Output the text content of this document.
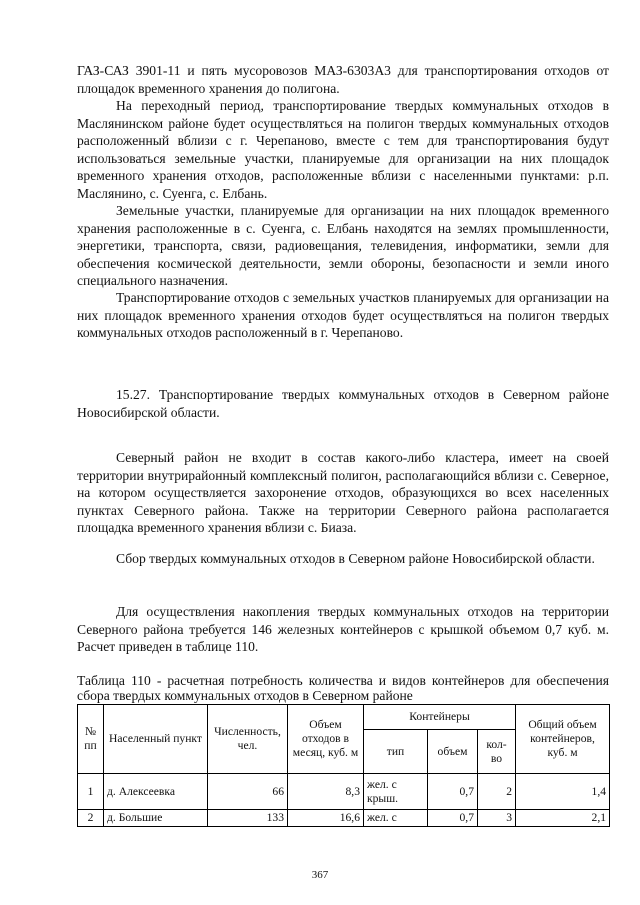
ГАЗ-САЗ 3901-11 и пять мусоровозов МАЗ-6303А3 для транспортирования отходов от площадок временного хранения до полигона.

На переходный период, транспортирование твердых коммунальных отходов в Маслянинском районе будет осуществляться на полигон твердых коммунальных отходов расположенный вблизи с г. Черепаново, вместе с тем для транспортирования будут использоваться земельные участки, планируемые для организации на них площадок временного хранения отходов, расположенные вблизи с населенными пунктами: р.п. Маслянино, с. Суенга, с. Елбань.

Земельные участки, планируемые для организации на них площадок временного хранения расположенные в с. Суенга, с. Елбань находятся на землях промышленности, энергетики, транспорта, связи, радиовещания, телевидения, информатики, земли для обеспечения космической деятельности, земли обороны, безопасности и земли иного специального назначения.

Транспортирование отходов с земельных участков планируемых для организации на них площадок временного хранения отходов будет осуществляться на полигон твердых коммунальных отходов расположенный в г. Черепаново.

15.27. Транспортирование твердых коммунальных отходов в Северном районе Новосибирской области.

Северный район не входит в состав какого-либо кластера, имеет на своей территории внутрирайонный комплексный полигон, располагающийся вблизи с. Северное, на котором осуществляется захоронение отходов, образующихся во всех населенных пунктах Северного района. Также на территории Северного района располагается площадка временного хранения вблизи с. Биаза.

Сбор твердых коммунальных отходов в Северном районе Новосибирской области.

Для осуществления накопления твердых коммунальных отходов на территории Северного района требуется 146 железных контейнеров с крышкой объемом 0,7 куб. м. Расчет приведен в таблице 110.

Таблица 110 - расчетная потребность количества и видов контейнеров для обеспечения сбора твердых коммунальных отходов в Северном районе

№ пп	Населенный пункт	Численность, чел.	Объем отходов в месяц, куб. м	Контейнеры			Общий объем контейнеров, куб. м
				тип	объем	кол-во	
1	д. Алексеевка	66	8,3	жел. с крыш.	0,7	2	1,4
2	д. Большие	133	16,6	жел. с	0,7	3	2,1

367
